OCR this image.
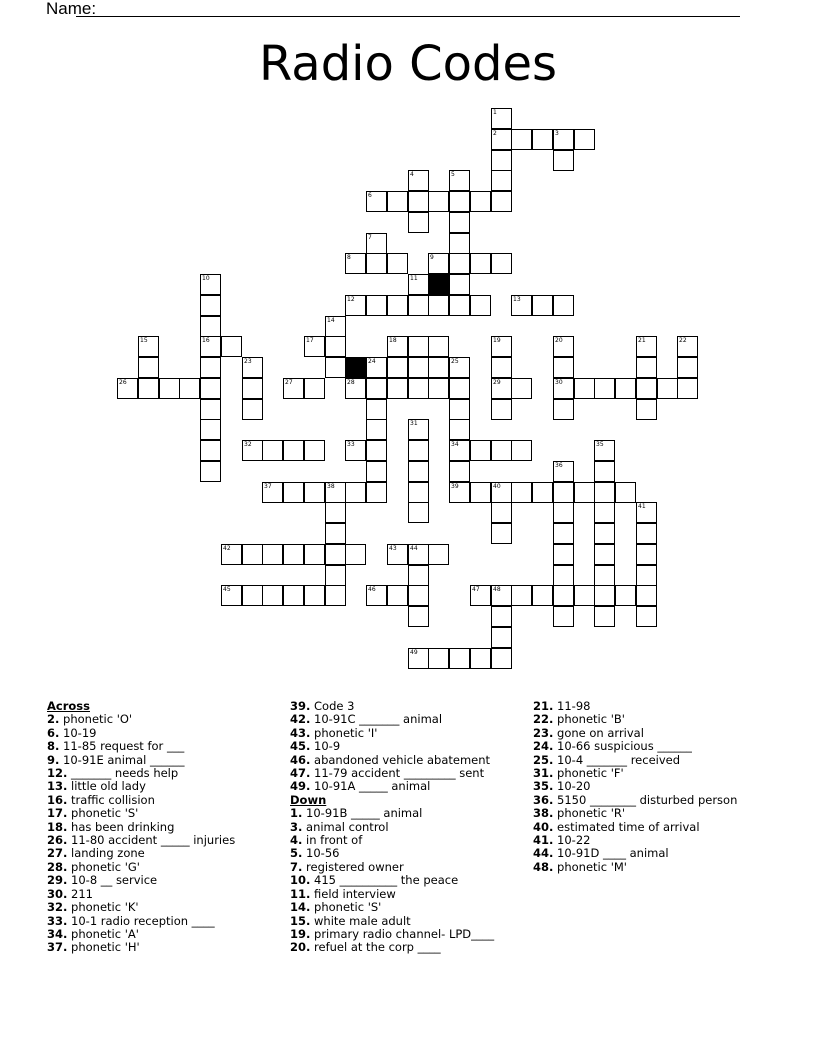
Name:
Radio Codes
1
2	3
4	5
6
7
8	9
10	11
12	13
14
15	16	17	18	19	20	21	22
23	24	25
26	27	28	29	30
31
32	33	34	35
36
37	38	39	40
41
42	43 44
45	46	47 48
49
Across
2. phonetic 'O'
6. 10-19
8. 11-85 request for ___
9. 10-91E animal ______
12. _______ needs help
13. little old lady
16. traffic collision
17. phonetic 'S'
18. has been drinking
26. 11-80 accident _____ injuries
27. landing zone
28. phonetic 'G'
29. 10-8 __ service
30. 211
32. phonetic 'K'
33. 10-1 radio reception ____
34. phonetic 'A'
37. phonetic 'H'
39. Code 3
42. 10-91C _______ animal
43. phonetic 'I'
45. 10-9
46. abandoned vehicle abatement
47. 11-79 accident _________ sent
49. 10-91A _____ animal
Down
1. 10-91B _____ animal
3. animal control
4. in front of
5. 10-56
7. registered owner
10. 415 __________ the peace
11. field interview
14. phonetic 'S'
15. white male adult
19. primary radio channel- LPD____
20. refuel at the corp ____
21. 11-98
22. phonetic 'B'
23. gone on arrival
24. 10-66 suspicious ______
25. 10-4 _______ received
31. phonetic 'F'
35. 10-20
36. 5150 ________ disturbed person
38. phonetic 'R'
40. estimated time of arrival
41. 10-22
44. 10-91D ____ animal
48. phonetic 'M'
